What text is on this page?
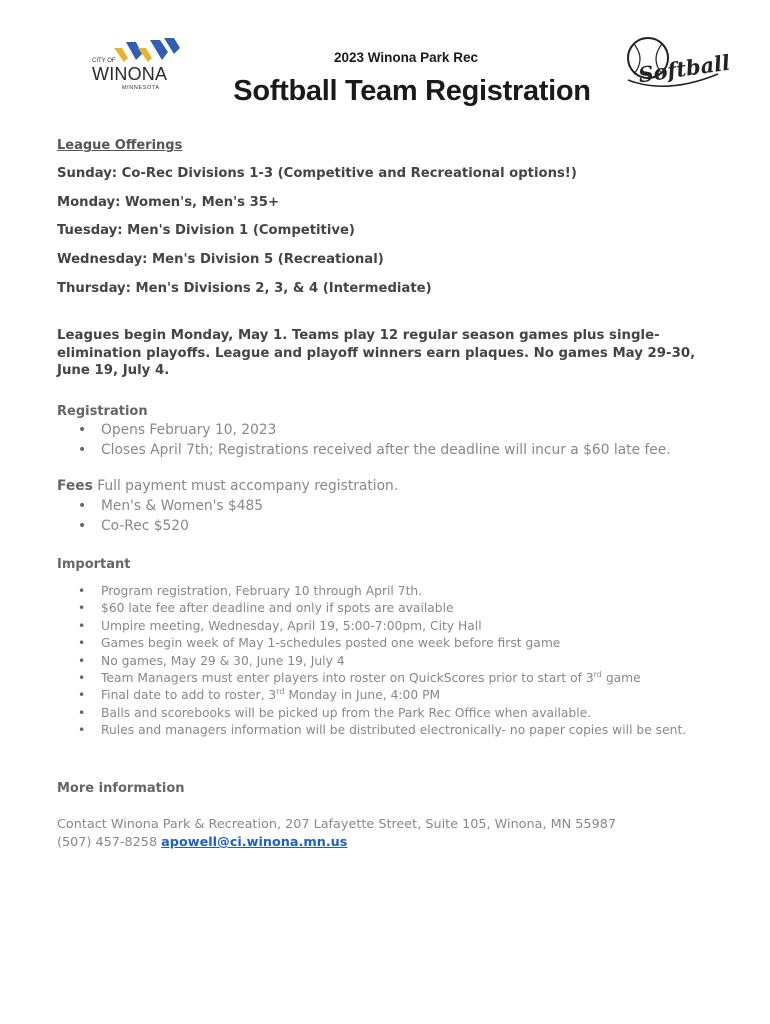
CITY OF
WINONA
MINNESOTA
2023 Winona Park Rec
Softball Team Registration
Softball
League Offerings
Sunday: Co-Rec Divisions 1-3 (Competitive and Recreational options!)
Monday: Women's, Men's 35+
Tuesday: Men's Division 1 (Competitive)
Wednesday: Men's Division 5 (Recreational)
Thursday: Men's Divisions 2, 3, & 4 (Intermediate)
Leagues begin Monday, May 1. Teams play 12 regular season games plus single-elimination playoffs. League and playoff winners earn plaques. No games May 29-30, June 19, July 4.
Registration
• Opens February 10, 2023
• Closes April 7th; Registrations received after the deadline will incur a $60 late fee.
Fees Full payment must accompany registration.
• Men's & Women's $485
• Co-Rec $520
Important
• Program registration, February 10 through April 7th.
• $60 late fee after deadline and only if spots are available
• Umpire meeting, Wednesday, April 19, 5:00-7:00pm, City Hall
• Games begin week of May 1-schedules posted one week before first game
• No games, May 29 & 30, June 19, July 4
• Team Managers must enter players into roster on QuickScores prior to start of 3rd game
• Final date to add to roster, 3rd Monday in June, 4:00 PM
• Balls and scorebooks will be picked up from the Park Rec Office when available.
• Rules and managers information will be distributed electronically- no paper copies will be sent.
More information
Contact Winona Park & Recreation, 207 Lafayette Street, Suite 105, Winona, MN 55987
(507) 457-8258 apowell@ci.winona.mn.us
